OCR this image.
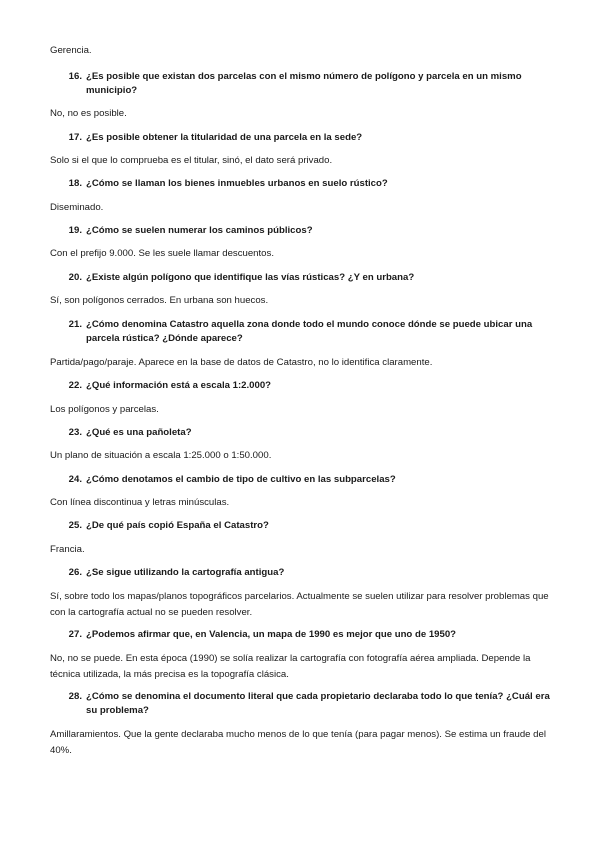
Gerencia.
16. ¿Es posible que existan dos parcelas con el mismo número de polígono y parcela en un mismo municipio?
No, no es posible.
17. ¿Es posible obtener la titularidad de una parcela en la sede?
Solo si el que lo comprueba es el titular, sinó, el dato será privado.
18. ¿Cómo se llaman los bienes inmuebles urbanos en suelo rústico?
Diseminado.
19. ¿Cómo se suelen numerar los caminos públicos?
Con el prefijo 9.000. Se les suele llamar descuentos.
20. ¿Existe algún polígono que identifique las vías rústicas? ¿Y en urbana?
Sí, son polígonos cerrados. En urbana son huecos.
21. ¿Cómo denomina Catastro aquella zona donde todo el mundo conoce dónde se puede ubicar una parcela rústica? ¿Dónde aparece?
Partida/pago/paraje. Aparece en la base de datos de Catastro, no lo identifica claramente.
22. ¿Qué información está a escala 1:2.000?
Los polígonos y parcelas.
23. ¿Qué es una pañoleta?
Un plano de situación a escala 1:25.000 o 1:50.000.
24. ¿Cómo denotamos el cambio de tipo de cultivo en las subparcelas?
Con línea discontinua y letras minúsculas.
25. ¿De qué país copió España el Catastro?
Francia.
26. ¿Se sigue utilizando la cartografía antigua?
Sí, sobre todo los mapas/planos topográficos parcelarios. Actualmente se suelen utilizar para resolver problemas que con la cartografía actual no se pueden resolver.
27. ¿Podemos afirmar que, en Valencia, un mapa de 1990 es mejor que uno de 1950?
No, no se puede. En esta época (1990) se solía realizar la cartografía con fotografía aérea ampliada. Depende la técnica utilizada, la más precisa es la topografía clásica.
28. ¿Cómo se denomina el documento literal que cada propietario declaraba todo lo que tenía? ¿Cuál era su problema?
Amillaramientos. Que la gente declaraba mucho menos de lo que tenía (para pagar menos). Se estima un fraude del 40%.
